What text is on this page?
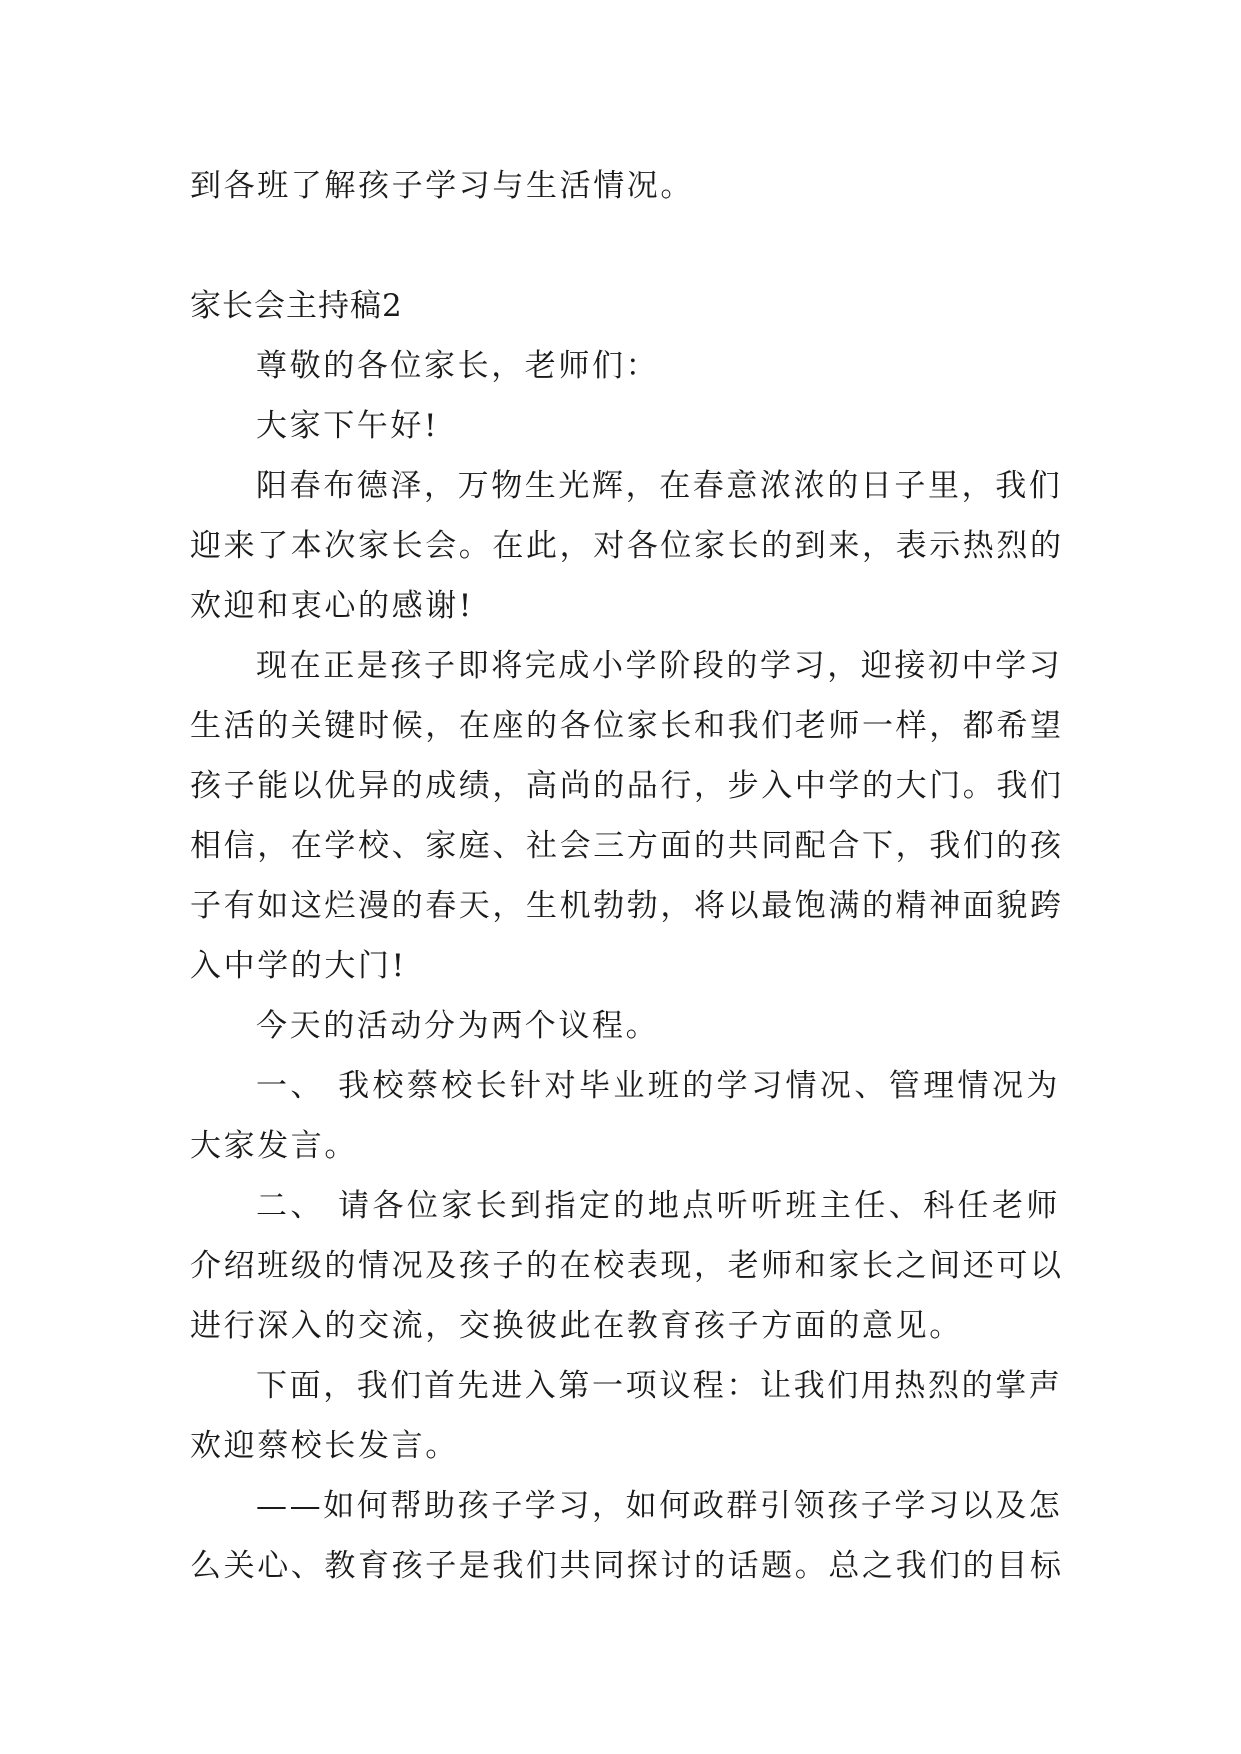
到各班了解孩子学习与生活情况。
家长会主持稿2
尊敬的各位家长，老师们：
大家下午好!
阳春布德泽，万物生光辉，在春意浓浓的日子里，我们
迎来了本次家长会。在此，对各位家长的到来，表示热烈的
欢迎和衷心的感谢!
现在正是孩子即将完成小学阶段的学习，迎接初中学习
生活的关键时候，在座的各位家长和我们老师一样，都希望
孩子能以优异的成绩，高尚的品行，步入中学的大门。我们
相信，在学校、家庭、社会三方面的共同配合下，我们的孩
子有如这烂漫的春天，生机勃勃，将以最饱满的精神面貌跨
入中学的大门!
今天的活动分为两个议程。
一、 我校蔡校长针对毕业班的学习情况、管理情况为
大家发言。
二、 请各位家长到指定的地点听听班主任、科任老师
介绍班级的情况及孩子的在校表现，老师和家长之间还可以
进行深入的交流，交换彼此在教育孩子方面的意见。
下面，我们首先进入第一项议程：让我们用热烈的掌声
欢迎蔡校长发言。
——如何帮助孩子学习，如何政群引领孩子学习以及怎
么关心、教育孩子是我们共同探讨的话题。总之我们的目标
